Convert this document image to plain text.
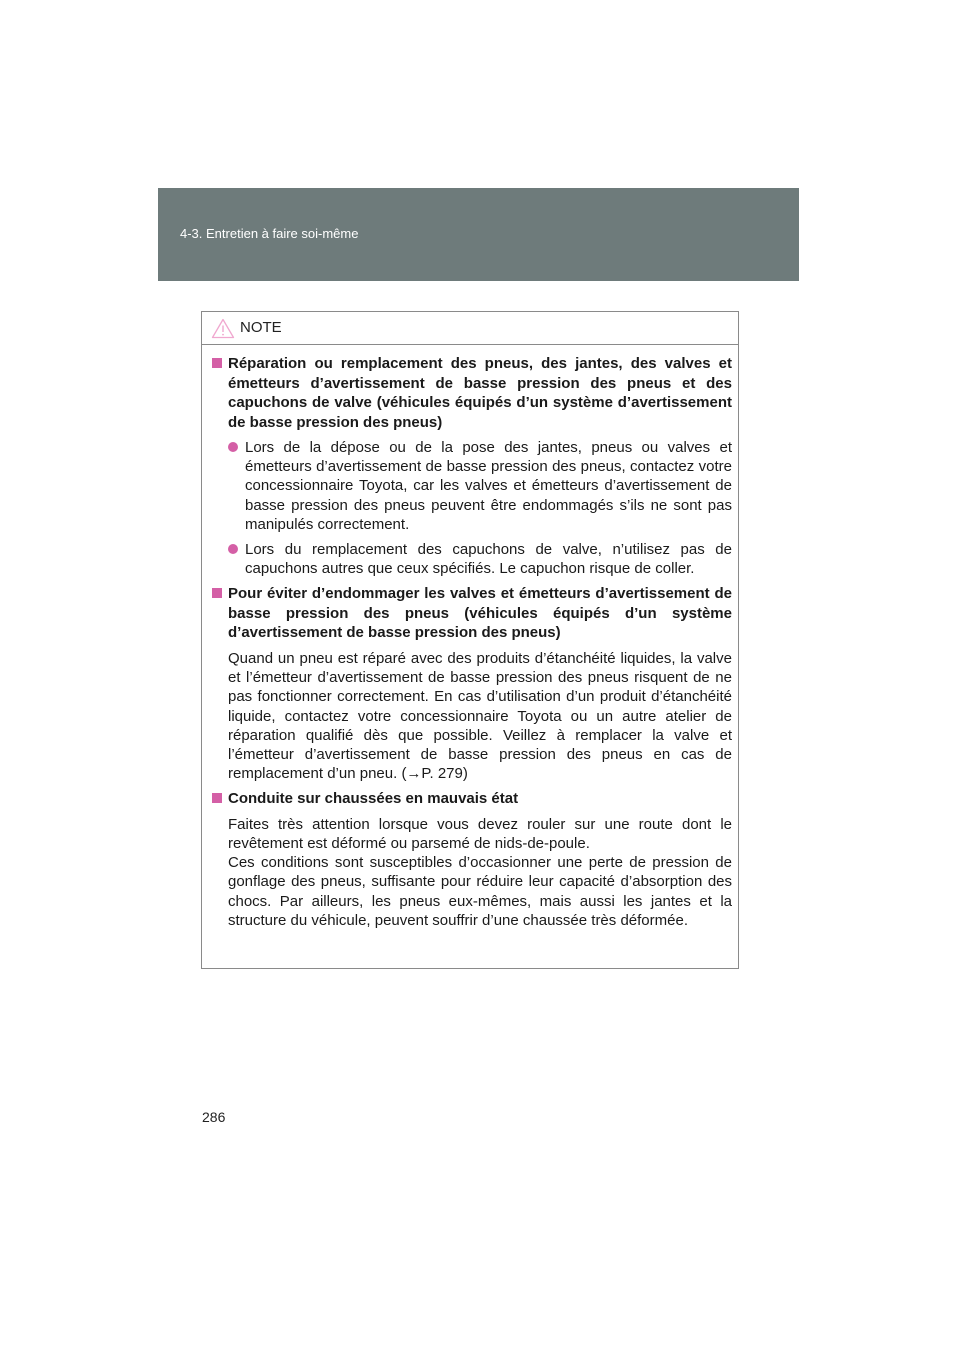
4-3. Entretien à faire soi-même
NOTE
Réparation ou remplacement des pneus, des jantes, des valves et émetteurs d’avertissement de basse pression des pneus et des capuchons de valve (véhicules équipés d’un système d’avertissement de basse pression des pneus)

Lors de la dépose ou de la pose des jantes, pneus ou valves et émetteurs d’avertissement de basse pression des pneus, contactez votre concessionnaire Toyota, car les valves et émetteurs d’avertissement de basse pression des pneus peuvent être endommagés s’ils ne sont pas manipulés correctement.

Lors du remplacement des capuchons de valve, n’utilisez pas de capuchons autres que ceux spécifiés. Le capuchon risque de coller.

Pour éviter d’endommager les valves et émetteurs d’avertissement de basse pression des pneus (véhicules équipés d’un système d’avertissement de basse pression des pneus)

Quand un pneu est réparé avec des produits d’étanchéité liquides, la valve et l’émetteur d’avertissement de basse pression des pneus risquent de ne pas fonctionner correctement. En cas d’utilisation d’un produit d’étanchéité liquide, contactez votre concessionnaire Toyota ou un autre atelier de réparation qualifié dès que possible. Veillez à remplacer la valve et l’émetteur d’avertissement de basse pression des pneus en cas de remplacement d’un pneu. (→P. 279)

Conduite sur chaussées en mauvais état

Faites très attention lorsque vous devez rouler sur une route dont le revêtement est déformé ou parsemé de nids-de-poule.

Ces conditions sont susceptibles d’occasionner une perte de pression de gonflage des pneus, suffisante pour réduire leur capacité d’absorption des chocs. Par ailleurs, les pneus eux-mêmes, mais aussi les jantes et la structure du véhicule, peuvent souffrir d’une chaussée très déformée.

286
